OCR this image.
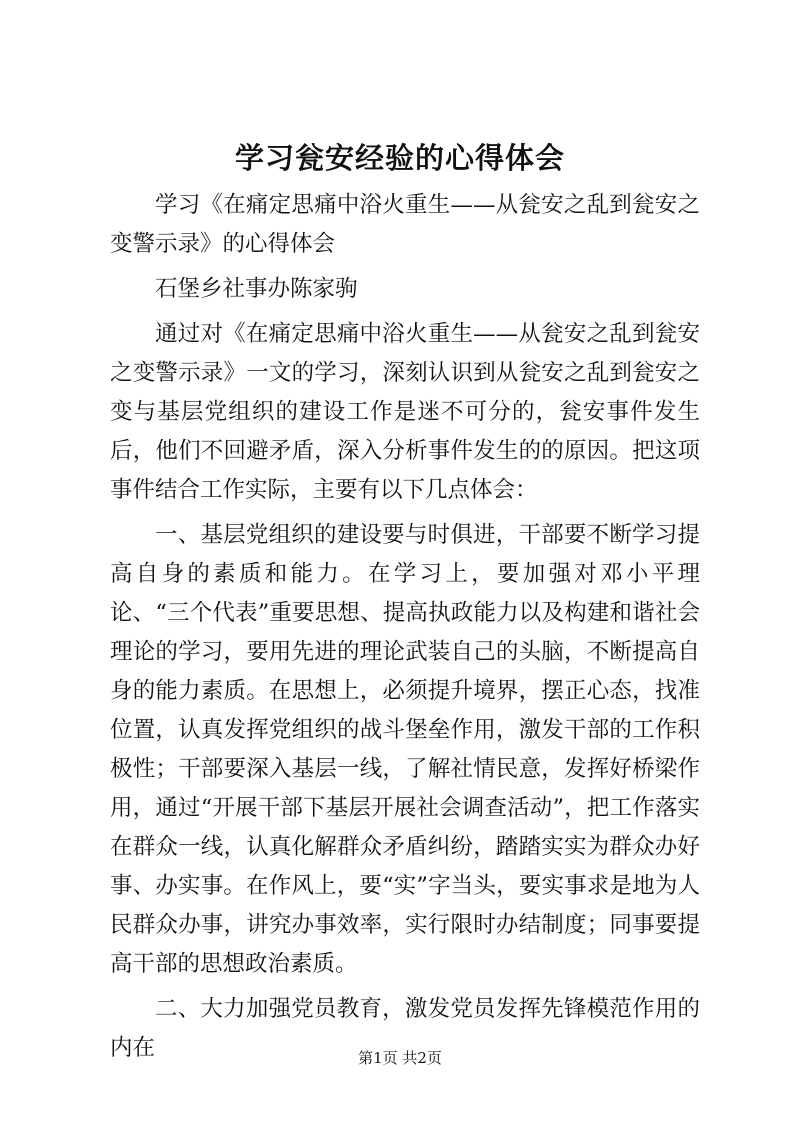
学习瓮安经验的心得体会

学习《在痛定思痛中浴火重生——从瓮安之乱到瓮安之变警示录》的心得体会

石堡乡社事办陈家驹

通过对《在痛定思痛中浴火重生——从瓮安之乱到瓮安之变警示录》一文的学习，深刻认识到从瓮安之乱到瓮安之变与基层党组织的建设工作是迷不可分的，瓮安事件发生后，他们不回避矛盾，深入分析事件发生的的原因。把这项事件结合工作实际，主要有以下几点体会：

一、基层党组织的建设要与时俱进，干部要不断学习提高自身的素质和能力。在学习上，要加强对邓小平理论、“三个代表”重要思想、提高执政能力以及构建和谐社会理论的学习，要用先进的理论武装自己的头脑，不断提高自身的能力素质。在思想上，必须提升境界，摆正心态，找准位置，认真发挥党组织的战斗堡垒作用，激发干部的工作积极性；干部要深入基层一线，了解社情民意，发挥好桥梁作用，通过“开展干部下基层开展社会调查活动”，把工作落实在群众一线，认真化解群众矛盾纠纷，踏踏实实为群众办好事、办实事。在作风上，要“实”字当头，要实事求是地为人民群众办事，讲究办事效率，实行限时办结制度；同事要提高干部的思想政治素质。

二、大力加强党员教育，激发党员发挥先锋模范作用的内在	第1页 共2页
